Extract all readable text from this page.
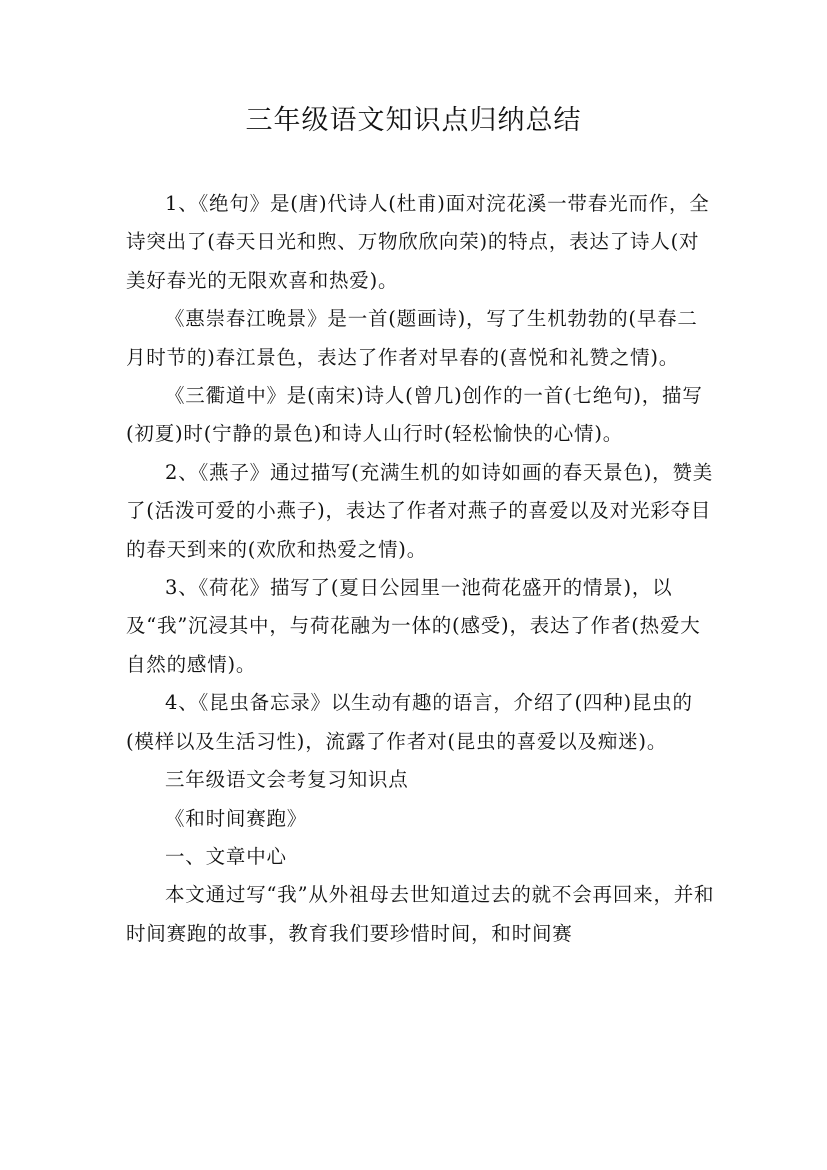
三年级语文知识点归纳总结

1、《绝句》是(唐)代诗人(杜甫)面对浣花溪一带春光而作，全诗突出了(春天日光和煦、万物欣欣向荣)的特点，表达了诗人(对美好春光的无限欢喜和热爱)。

《惠崇春江晚景》是一首(题画诗)，写了生机勃勃的(早春二月时节的)春江景色，表达了作者对早春的(喜悦和礼赞之情)。

《三衢道中》是(南宋)诗人(曾几)创作的一首(七绝句)，描写(初夏)时(宁静的景色)和诗人山行时(轻松愉快的心情)。

2、《燕子》通过描写(充满生机的如诗如画的春天景色)，赞美了(活泼可爱的小燕子)，表达了作者对燕子的喜爱以及对光彩夺目的春天到来的(欢欣和热爱之情)。

3、《荷花》描写了(夏日公园里一池荷花盛开的情景)，以及“我”沉浸其中，与荷花融为一体的(感受)，表达了作者(热爱大自然的感情)。

4、《昆虫备忘录》以生动有趣的语言，介绍了(四种)昆虫的(模样以及生活习性)，流露了作者对(昆虫的喜爱以及痴迷)。

三年级语文会考复习知识点

《和时间赛跑》

一、文章中心

本文通过写“我”从外祖母去世知道过去的就不会再回来，并和时间赛跑的故事，教育我们要珍惜时间，和时间赛
